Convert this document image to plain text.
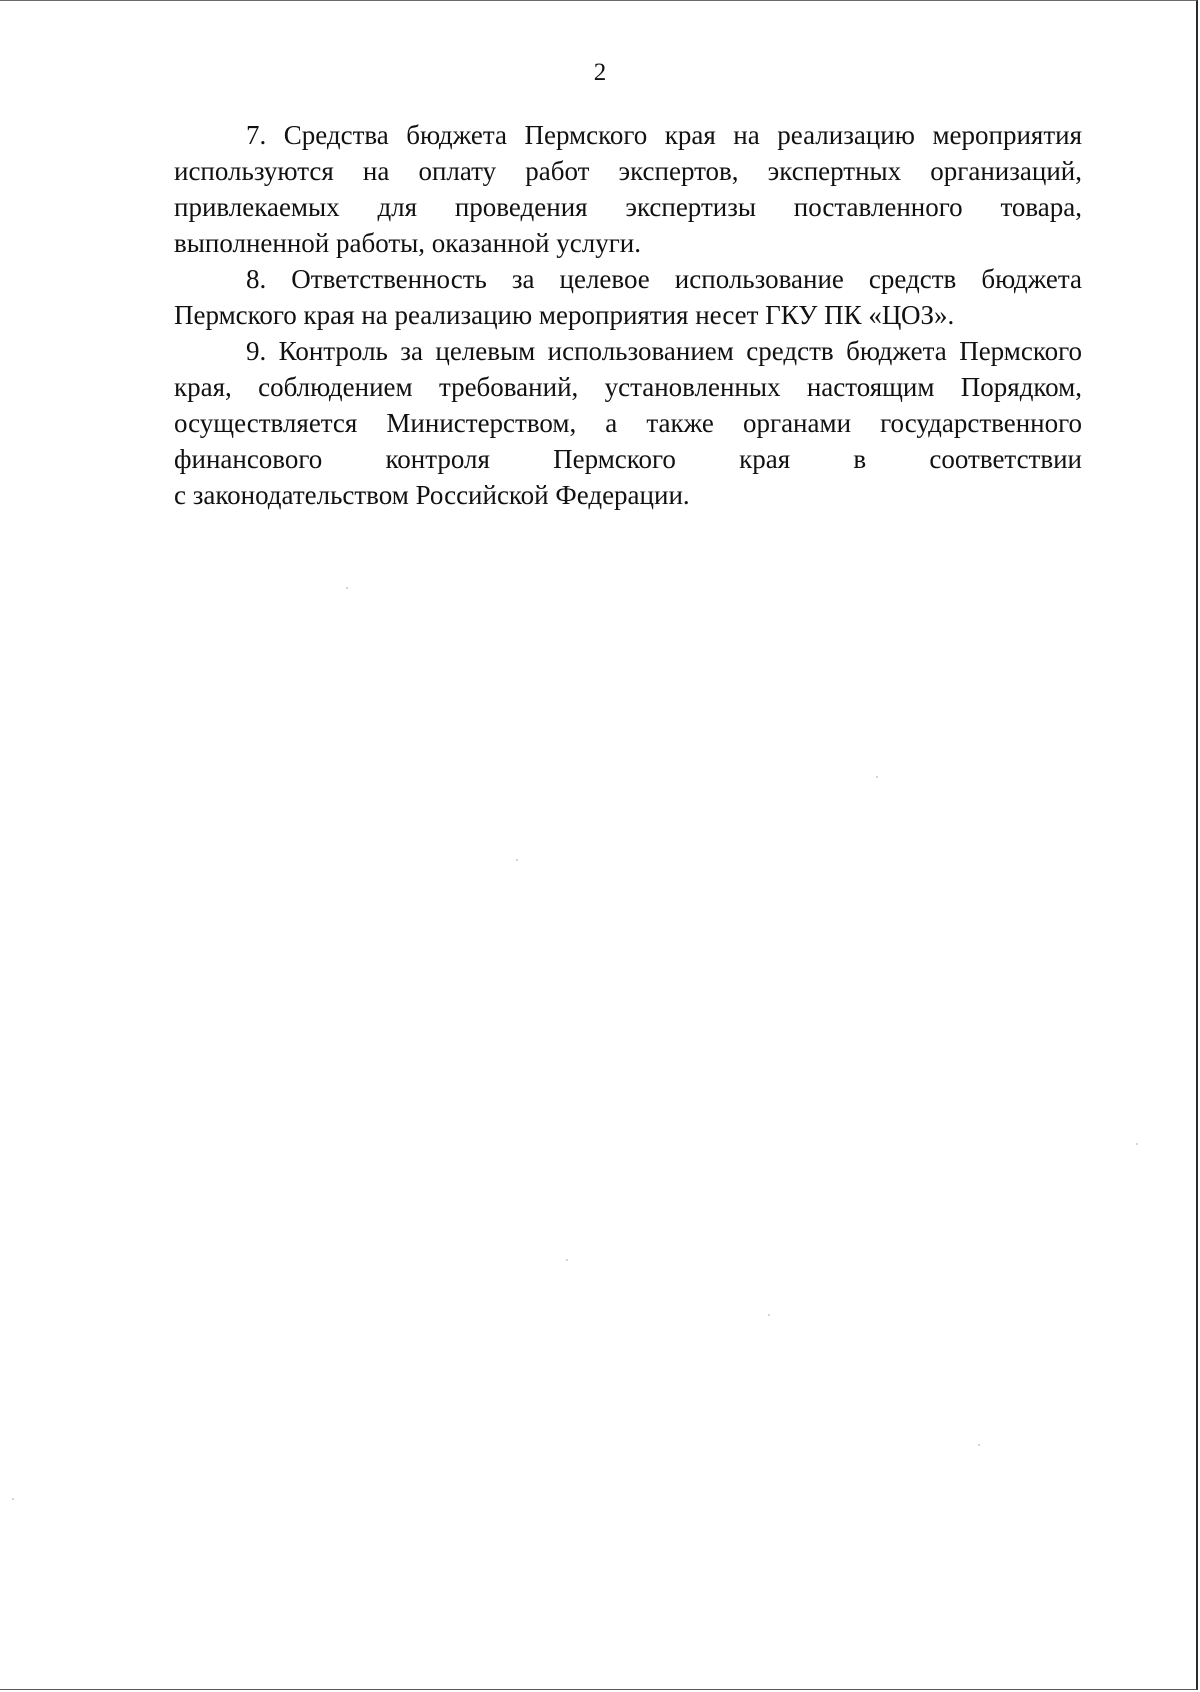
2
7. Средства бюджета Пермского края на реализацию мероприятия
используются на оплату работ экспертов, экспертных организаций,
привлекаемых для проведения экспертизы поставленного товара,
выполненной работы, оказанной услуги.
8. Ответственность за целевое использование средств бюджета
Пермского края на реализацию мероприятия несет ГКУ ПК «ЦОЗ».
9. Контроль за целевым использованием средств бюджета Пермского
края, соблюдением требований, установленных настоящим Порядком,
осуществляется Министерством, а также органами государственного
финансового контроля Пермского края в соответствии
с законодательством Российской Федерации.
